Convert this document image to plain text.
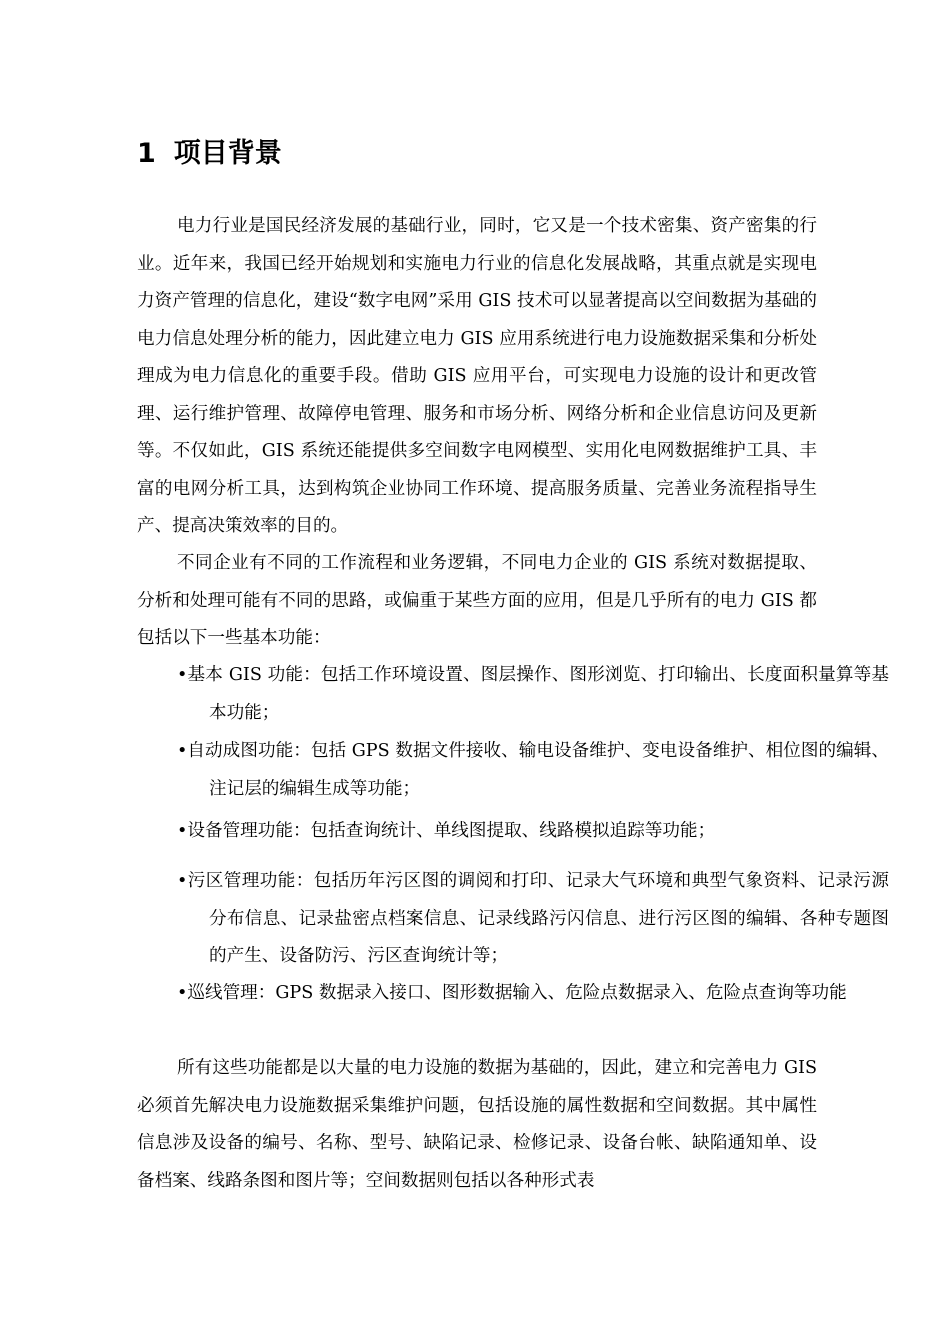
1 项目背景

电力行业是国民经济发展的基础行业，同时，它又是一个技术密集、资产密集的行业。近年来，我国已经开始规划和实施电力行业的信息化发展战略，其重点就是实现电力资产管理的信息化，建设“数字电网”采用 GIS 技术可以显著提高以空间数据为基础的电力信息处理分析的能力，因此建立电力 GIS 应用系统进行电力设施数据采集和分析处理成为电力信息化的重要手段。借助 GIS 应用平台，可实现电力设施的设计和更改管理、运行维护管理、故障停电管理、服务和市场分析、网络分析和企业信息访问及更新等。不仅如此，GIS 系统还能提供多空间数字电网模型、实用化电网数据维护工具、丰富的电网分析工具，达到构筑企业协同工作环境、提高服务质量、完善业务流程指导生产、提高决策效率的目的。

不同企业有不同的工作流程和业务逻辑，不同电力企业的 GIS 系统对数据提取、分析和处理可能有不同的思路，或偏重于某些方面的应用，但是几乎所有的电力 GIS 都包括以下一些基本功能：

•基本 GIS 功能：包括工作环境设置、图层操作、图形浏览、打印输出、长度面积量算等基本功能；

•自动成图功能：包括 GPS 数据文件接收、输电设备维护、变电设备维护、相位图的编辑、注记层的编辑生成等功能；

•设备管理功能：包括查询统计、单线图提取、线路模拟追踪等功能；

•污区管理功能：包括历年污区图的调阅和打印、记录大气环境和典型气象资料、记录污源分布信息、记录盐密点档案信息、记录线路污闪信息、进行污区图的编辑、各种专题图的产生、设备防污、污区查询统计等；

•巡线管理：GPS 数据录入接口、图形数据输入、危险点数据录入、危险点查询等功能

所有这些功能都是以大量的电力设施的数据为基础的，因此，建立和完善电力 GIS 必须首先解决电力设施数据采集维护问题，包括设施的属性数据和空间数据。其中属性信息涉及设备的编号、名称、型号、缺陷记录、检修记录、设备台帐、缺陷通知单、设备档案、线路条图和图片等；空间数据则包括以各种形式表
